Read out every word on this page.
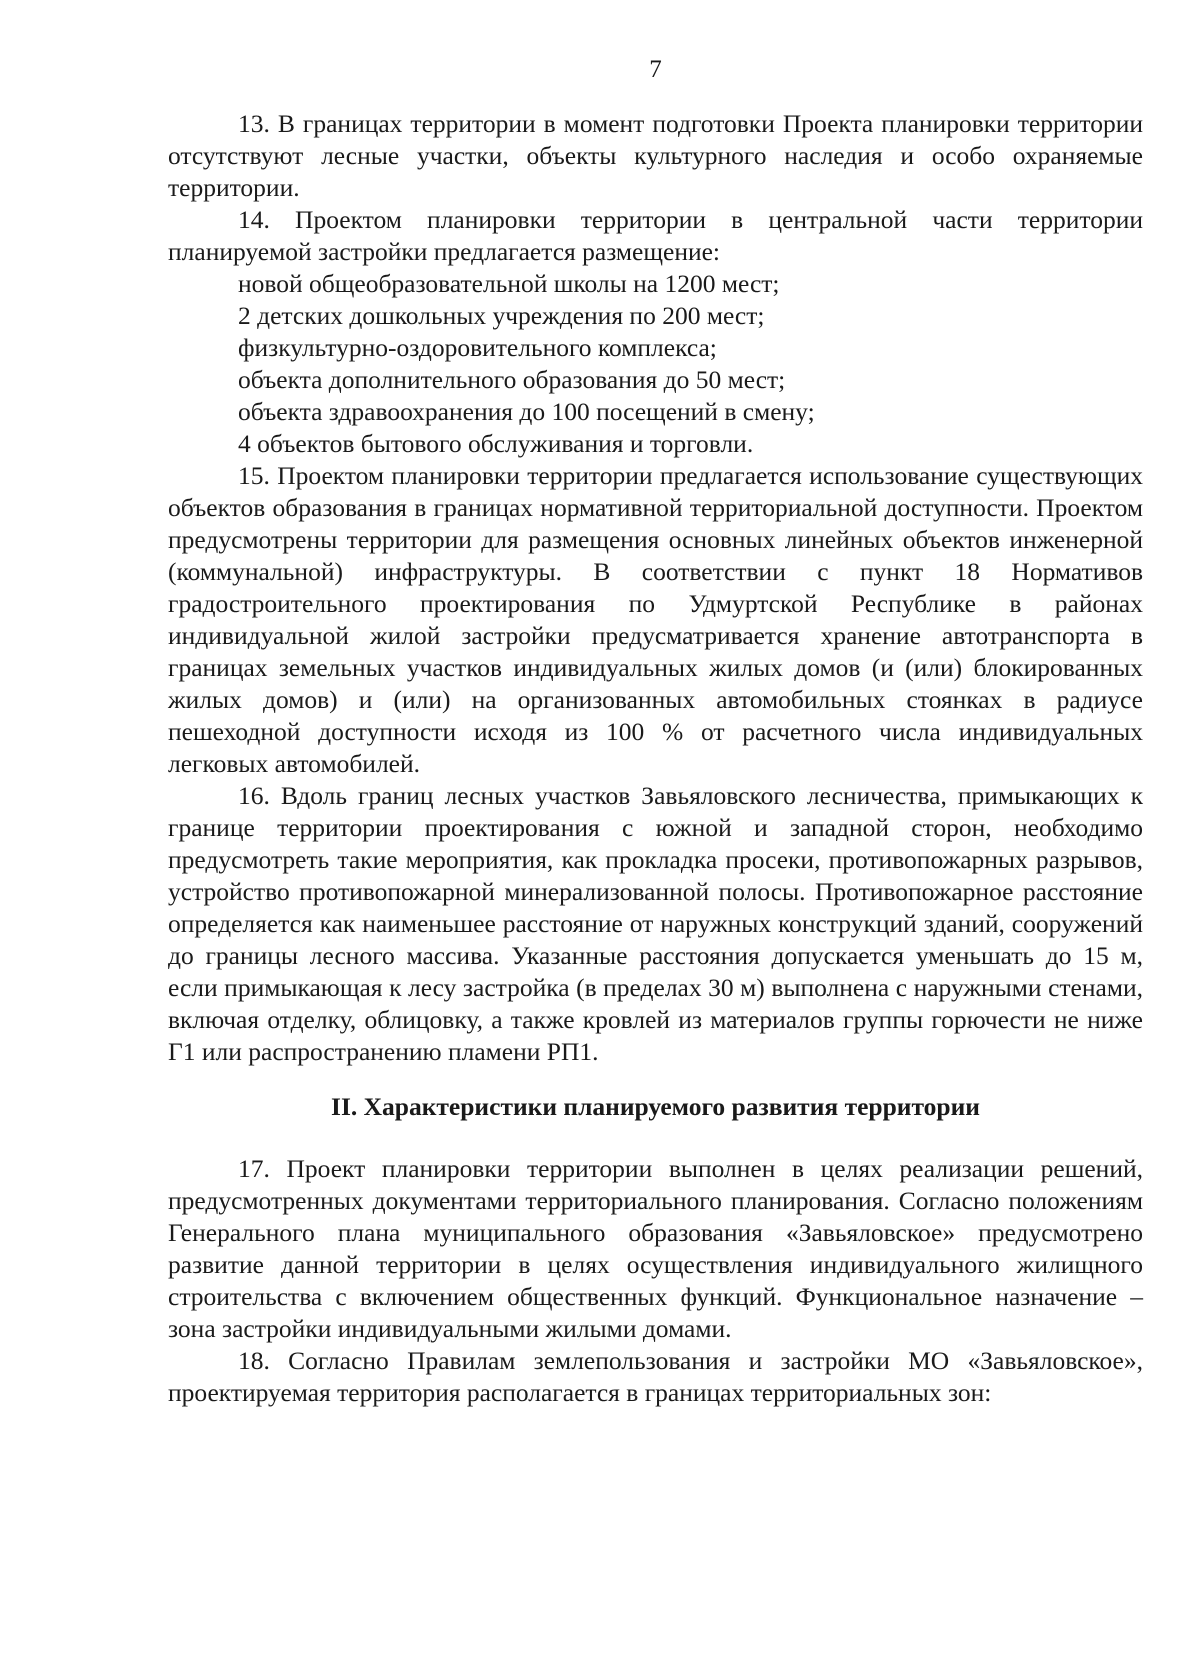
7

13. В границах территории в момент подготовки Проекта планировки территории отсутствуют лесные участки, объекты культурного наследия и особо охраняемые территории.

14. Проектом планировки территории в центральной части территории планируемой застройки предлагается размещение:

новой общеобразовательной школы на 1200 мест;

2 детских дошкольных учреждения по 200 мест;

физкультурно-оздоровительного комплекса;

объекта дополнительного образования до 50 мест;

объекта здравоохранения до 100 посещений в смену;

4 объектов бытового обслуживания и торговли.

15. Проектом планировки территории предлагается использование существующих объектов образования в границах нормативной территориальной доступности. Проектом предусмотрены территории для размещения основных линейных объектов инженерной (коммунальной) инфраструктуры. В соответствии с пункт 18 Нормативов градостроительного проектирования по Удмуртской Республике в районах индивидуальной жилой застройки предусматривается хранение автотранспорта в границах земельных участков индивидуальных жилых домов (и (или) блокированных жилых домов) и (или) на организованных автомобильных стоянках в радиусе пешеходной доступности исходя из 100 % от расчетного числа индивидуальных легковых автомобилей.

16. Вдоль границ лесных участков Завьяловского лесничества, примыкающих к границе территории проектирования с южной и западной сторон, необходимо предусмотреть такие мероприятия, как прокладка просеки, противопожарных разрывов, устройство противопожарной минерализованной полосы. Противопожарное расстояние определяется как наименьшее расстояние от наружных конструкций зданий, сооружений до границы лесного массива. Указанные расстояния допускается уменьшать до 15 м, если примыкающая к лесу застройка (в пределах 30 м) выполнена с наружными стенами, включая отделку, облицовку, а также кровлей из материалов группы горючести не ниже Г1 или распространению пламени РП1.

II. Характеристики планируемого развития территории

17. Проект планировки территории выполнен в целях реализации решений, предусмотренных документами территориального планирования. Согласно положениям Генерального плана муниципального образования «Завьяловское» предусмотрено развитие данной территории в целях осуществления индивидуального жилищного строительства с включением общественных функций. Функциональное назначение – зона застройки индивидуальными жилыми домами.

18. Согласно Правилам землепользования и застройки МО «Завьяловское», проектируемая территория располагается в границах территориальных зон:
